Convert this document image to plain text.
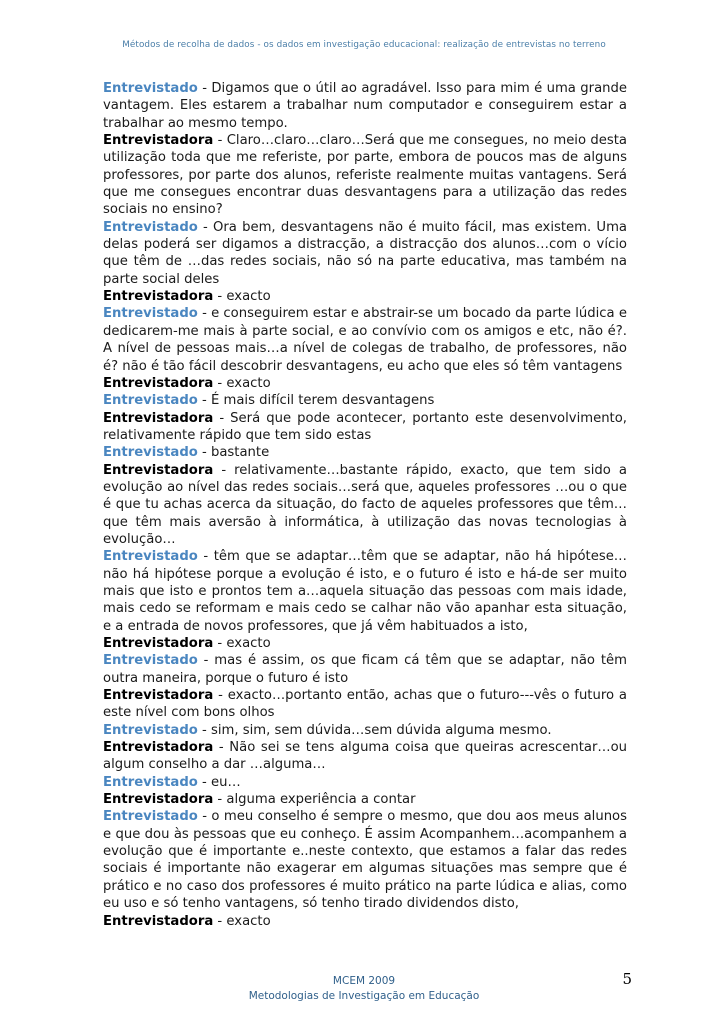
Métodos de recolha de dados - os dados em investigação educacional: realização de entrevistas no terreno

Entrevistado - Digamos que o útil ao agradável. Isso para mim é uma grande vantagem. Eles estarem a trabalhar num computador e conseguirem estar a trabalhar ao mesmo tempo.

Entrevistadora - Claro…claro…claro…Será que me consegues, no meio desta utilização toda que me referiste, por parte, embora de poucos mas de alguns professores, por parte dos alunos, referiste realmente muitas vantagens. Será que me consegues encontrar duas desvantagens para a utilização das redes sociais no ensino?

Entrevistado - Ora bem, desvantagens não é muito fácil, mas existem. Uma delas poderá ser digamos a distracção, a distracção dos alunos…com o vício que têm de …das redes sociais, não só na parte educativa, mas também na parte social deles

Entrevistadora - exacto

Entrevistado - e conseguirem estar e abstrair-se um bocado da parte lúdica e dedicarem-me mais à parte social, e ao convívio com os amigos e etc, não é?. A nível de pessoas mais…a nível de colegas de trabalho, de professores, não é? não é tão fácil descobrir desvantagens, eu acho que eles só têm vantagens

Entrevistadora - exacto

Entrevistado - É mais difícil terem desvantagens

Entrevistadora - Será que pode acontecer, portanto este desenvolvimento, relativamente rápido que tem sido estas

Entrevistado - bastante

Entrevistadora - relativamente…bastante rápido, exacto, que tem sido a evolução ao nível das redes sociais…será que, aqueles professores …ou o que é que tu achas acerca da situação, do facto de aqueles professores que têm…que têm mais aversão à informática, à utilização das novas tecnologias à evolução…

Entrevistado - têm que se adaptar…têm que se adaptar, não há hipótese…não há hipótese porque a evolução é isto, e o futuro é isto e há-de ser muito mais que isto e prontos tem a…aquela situação das pessoas com mais idade, mais cedo se reformam e mais cedo se calhar não vão apanhar esta situação, e a entrada de novos professores, que já vêm habituados a isto,

Entrevistadora - exacto

Entrevistado - mas é assim, os que ficam cá têm que se adaptar, não têm outra maneira, porque o futuro é isto

Entrevistadora - exacto…portanto então, achas que o futuro---vês o futuro a este nível com bons olhos

Entrevistado - sim, sim, sem dúvida…sem dúvida alguma mesmo.

Entrevistadora - Não sei se tens alguma coisa que queiras acrescentar…ou algum conselho a dar …alguma…

Entrevistado - eu…

Entrevistadora - alguma experiência a contar

Entrevistado - o meu conselho é sempre o mesmo, que dou aos meus alunos e que dou às pessoas que eu conheço. É assim Acompanhem…acompanhem a evolução que é importante e..neste contexto, que estamos a falar das redes sociais é importante não exagerar em algumas situações mas sempre que é prático e no caso dos professores é muito prático na parte lúdica e alias, como eu uso e só tenho vantagens, só tenho tirado dividendos disto,

Entrevistadora - exacto

MCEM 2009
Metodologias de Investigação em Educação
5
